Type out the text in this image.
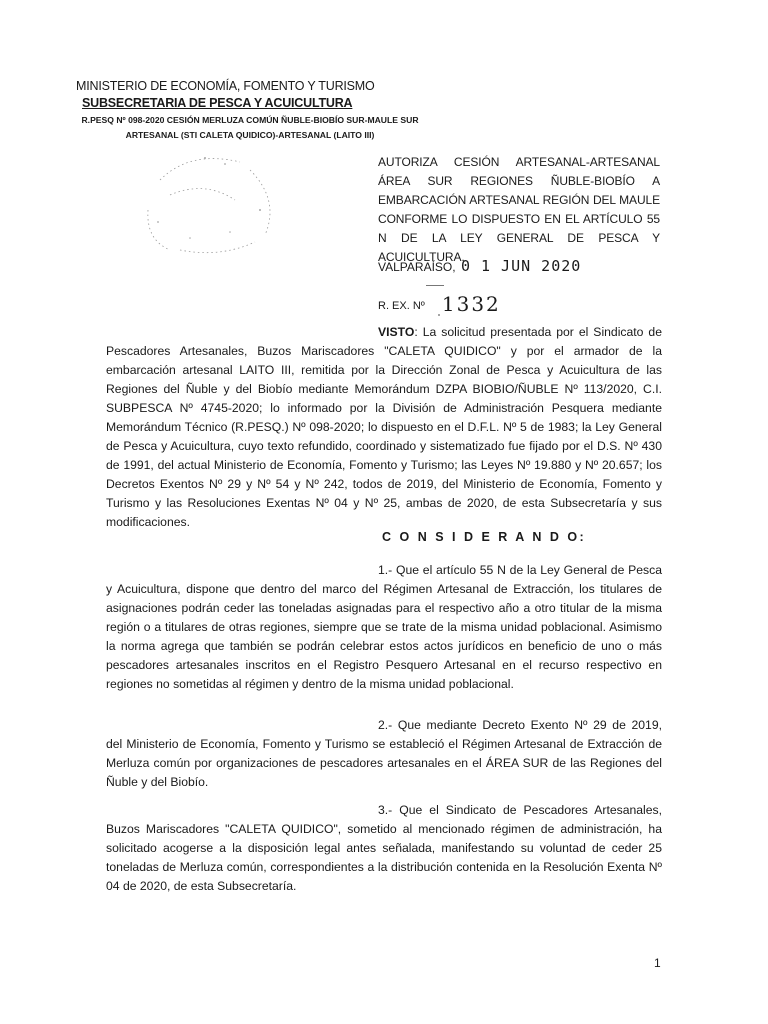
MINISTERIO DE ECONOMÍA, FOMENTO Y TURISMO
SUBSECRETARIA DE PESCA Y ACUICULTURA
R.PESQ Nº 098-2020 CESIÓN MERLUZA COMÚN ÑUBLE-BIOBÍO SUR-MAULE SUR
ARTESANAL (STI CALETA QUIDICO)-ARTESANAL (LAITO III)
AUTORIZA CESIÓN ARTESANAL-ARTESANAL ÁREA SUR REGIONES ÑUBLE-BIOBÍO A EMBARCACIÓN ARTESANAL REGIÓN DEL MAULE CONFORME LO DISPUESTO EN EL ARTÍCULO 55 N DE LA LEY GENERAL DE PESCA Y ACUICULTURA.
VALPARAÍSO, 0 1 JUN 2020
R. EX. Nº 1332

VISTO: La solicitud presentada por el Sindicato de Pescadores Artesanales, Buzos Mariscadores "CALETA QUIDICO" y por el armador de la embarcación artesanal LAITO III, remitida por la Dirección Zonal de Pesca y Acuicultura de las Regiones del Ñuble y del Biobío mediante Memorándum DZPA BIOBIO/ÑUBLE Nº 113/2020, C.I. SUBPESCA Nº 4745-2020; lo informado por la División de Administración Pesquera mediante Memorándum Técnico (R.PESQ.) Nº 098-2020; lo dispuesto en el D.F.L. Nº 5 de 1983; la Ley General de Pesca y Acuicultura, cuyo texto refundido, coordinado y sistematizado fue fijado por el D.S. Nº 430 de 1991, del actual Ministerio de Economía, Fomento y Turismo; las Leyes Nº 19.880 y Nº 20.657; los Decretos Exentos Nº 29 y Nº 54 y Nº 242, todos de 2019, del Ministerio de Economía, Fomento y Turismo y las Resoluciones Exentas Nº 04 y Nº 25, ambas de 2020, de esta Subsecretaría y sus modificaciones.

C O N S I D E R A N D O:

1.- Que el artículo 55 N de la Ley General de Pesca y Acuicultura, dispone que dentro del marco del Régimen Artesanal de Extracción, los titulares de asignaciones podrán ceder las toneladas asignadas para el respectivo año a otro titular de la misma región o a titulares de otras regiones, siempre que se trate de la misma unidad poblacional. Asimismo la norma agrega que también se podrán celebrar estos actos jurídicos en beneficio de uno o más pescadores artesanales inscritos en el Registro Pesquero Artesanal en el recurso respectivo en regiones no sometidas al régimen y dentro de la misma unidad poblacional.

2.- Que mediante Decreto Exento Nº 29 de 2019, del Ministerio de Economía, Fomento y Turismo se estableció el Régimen Artesanal de Extracción de Merluza común por organizaciones de pescadores artesanales en el ÁREA SUR de las Regiones del Ñuble y del Biobío.

3.- Que el Sindicato de Pescadores Artesanales, Buzos Mariscadores "CALETA QUIDICO", sometido al mencionado régimen de administración, ha solicitado acogerse a la disposición legal antes señalada, manifestando su voluntad de ceder 25 toneladas de Merluza común, correspondientes a la distribución contenida en la Resolución Exenta Nº 04 de 2020, de esta Subsecretaría.

1
